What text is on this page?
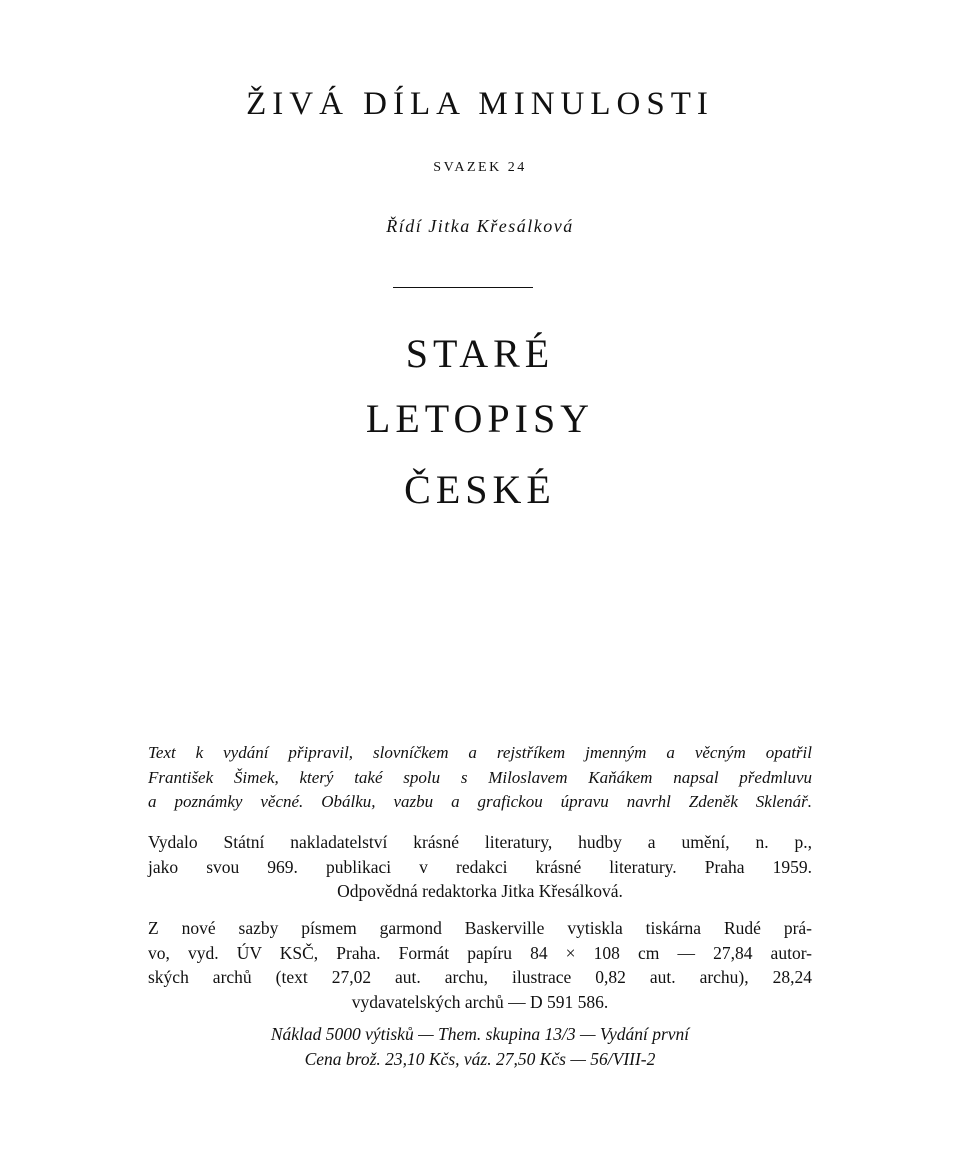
ŽIVÁ DÍLA MINULOSTI
SVAZEK 24
Řídí Jitka Křesálková
STARÉ
LETOPISY
ČESKÉ
Text k vydání připravil, slovníčkem a rejstříkem jmenným a věcným opatřil
František Šimek, který také spolu s Miloslavem Kaňákem napsal předmluvu
a poznámky věcné. Obálku, vazbu a grafickou úpravu navrhl Zdeněk Sklenář.
Vydalo Státní nakladatelství krásné literatury, hudby a umění, n. p.,
jako svou 969. publikaci v redakci krásné literatury. Praha 1959.
Odpovědná redaktorka Jitka Křesálková.
Z nové sazby písmem garmond Baskerville vytiskla tiskárna Rudé prá-
vo, vyd. ÚV KSČ, Praha. Formát papíru 84 × 108 cm — 27,84 autor-
ských archů (text 27,02 aut. archu, ilustrace 0,82 aut. archu), 28,24
vydavatelských archů — D 591 586.
Náklad 5000 výtisků — Them. skupina 13/3 — Vydání první
Cena brož. 23,10 Kčs, váz. 27,50 Kčs — 56/VIII-2
